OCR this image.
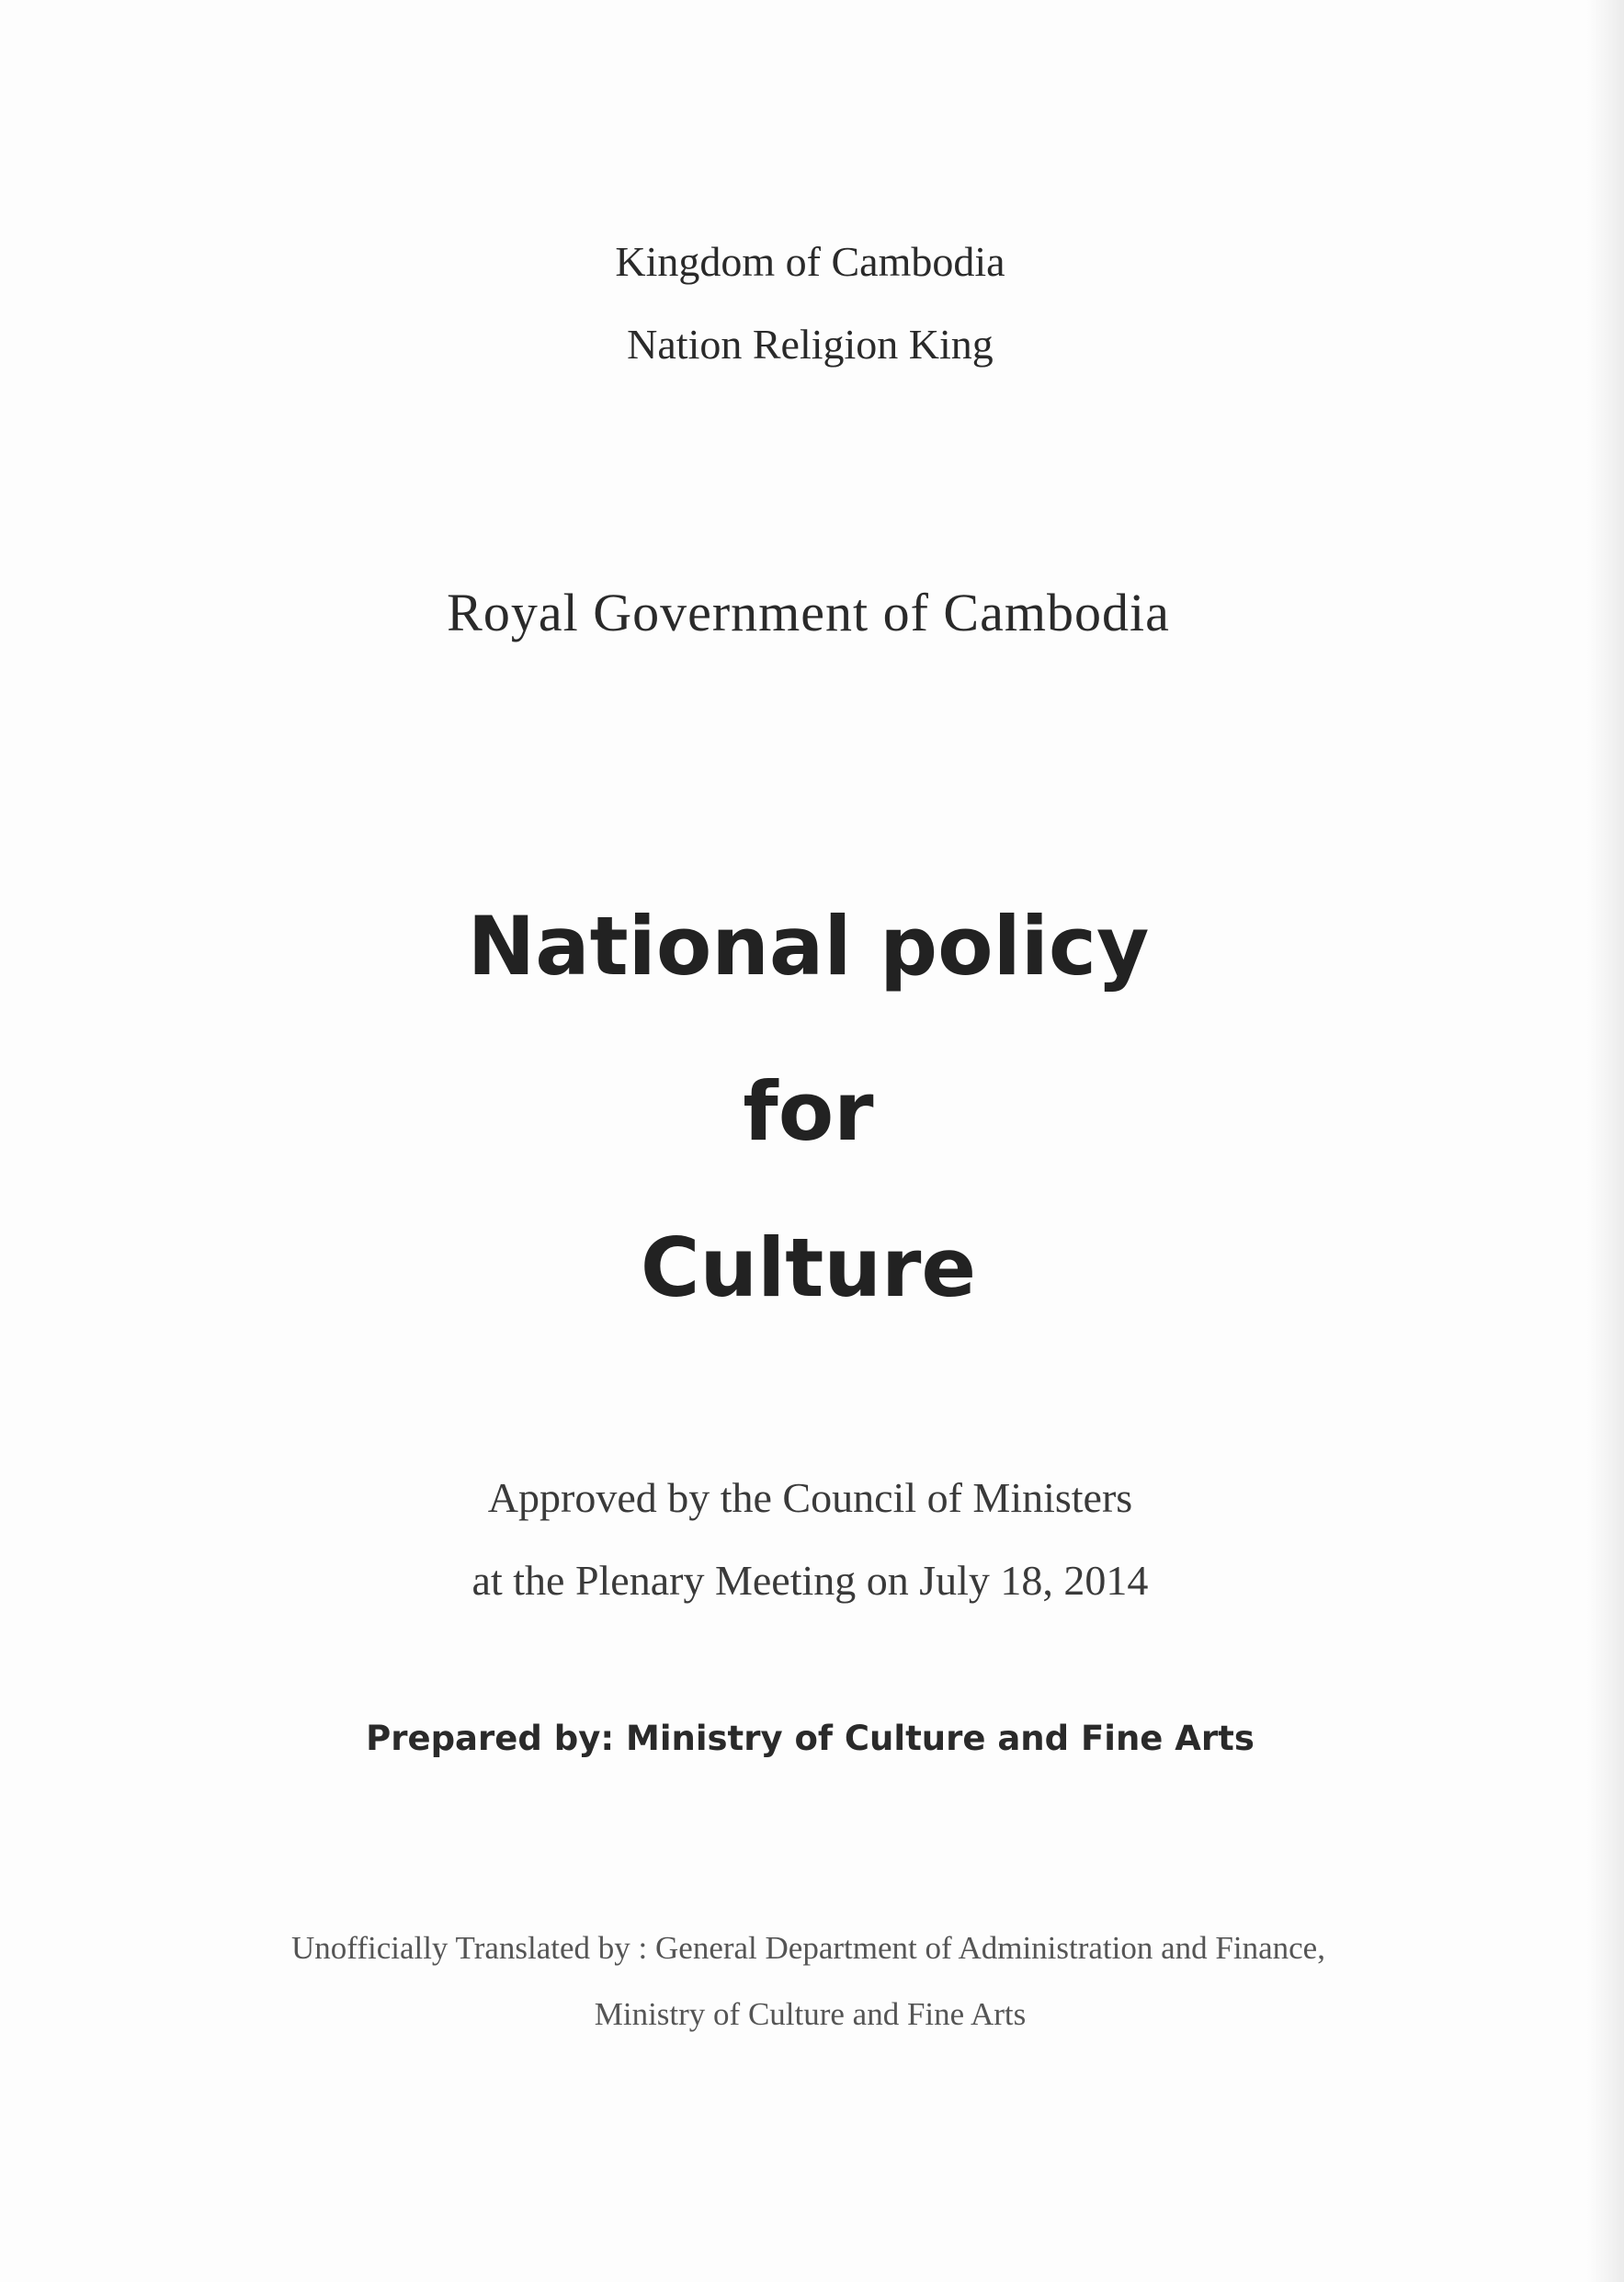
Kingdom of Cambodia
Nation Religion King
Royal Government of Cambodia
National policy
for
Culture
Approved by the Council of Ministers
at the Plenary Meeting on July 18, 2014
Prepared by: Ministry of Culture and Fine Arts
Unofficially Translated by : General Department of Administration and Finance,
Ministry of Culture and Fine Arts
